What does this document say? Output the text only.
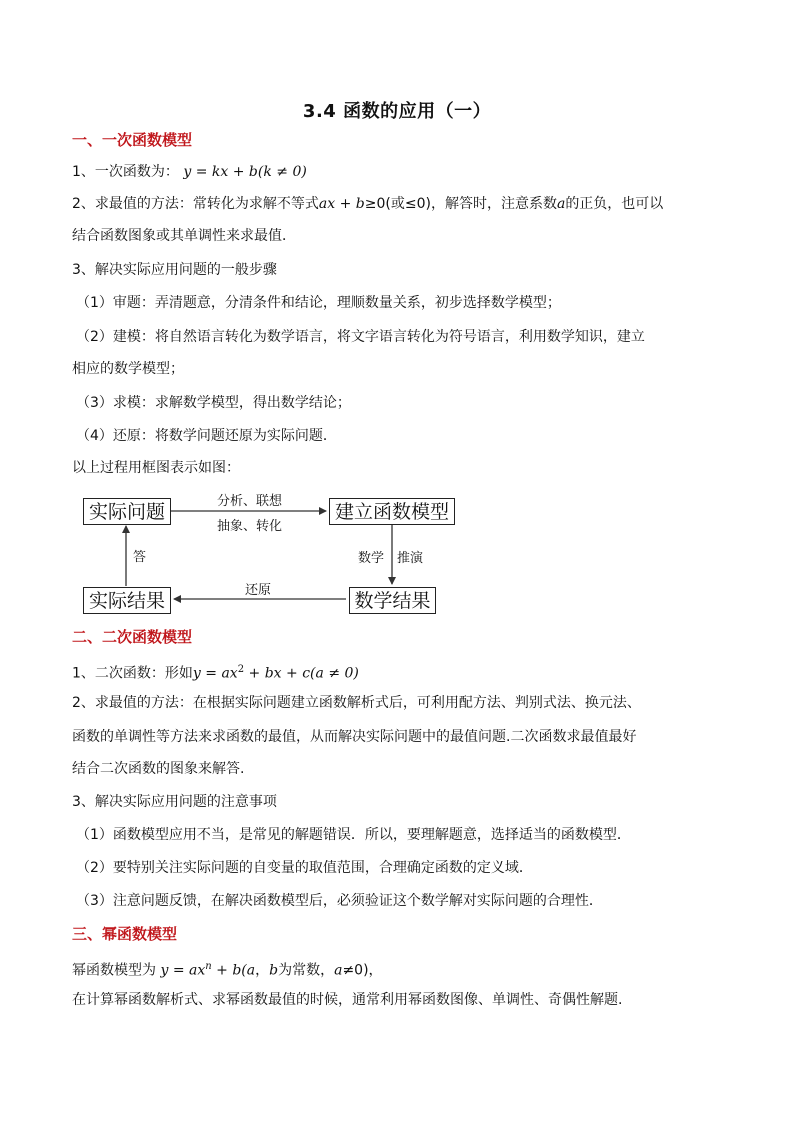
3.4 函数的应用（一）
一、一次函数模型
1、一次函数为： y = kx + b(k ≠ 0)
2、求最值的方法：常转化为求解不等式ax + b≥0(或≤0)，解答时，注意系数a的正负，也可以
结合函数图象或其单调性来求最值．
3、解决实际应用问题的一般步骤
（1）审题：弄清题意，分清条件和结论，理顺数量关系，初步选择数学模型；
（2）建模：将自然语言转化为数学语言，将文字语言转化为符号语言，利用数学知识，建立
相应的数学模型；
（3）求模：求解数学模型，得出数学结论；
（4）还原：将数学问题还原为实际问题．
以上过程用框图表示如图：
实际问题	建立函数模型
实际结果	数学结果
分析、联想
抽象、转化
数学 推演
还原
答
二、二次函数模型
1、二次函数：形如$y = ax^2$ + bx + c(a ≠ 0)
2、求最值的方法：在根据实际问题建立函数解析式后，可利用配方法、判别式法、换元法、
函数的单调性等方法来求函数的最值，从而解决实际问题中的最值问题.二次函数求最值最好
结合二次函数的图象来解答.
3、解决实际应用问题的注意事项
（1）函数模型应用不当，是常见的解题错误．所以，要理解题意，选择适当的函数模型．
（2）要特别关注实际问题的自变量的取值范围，合理确定函数的定义域．
（3）注意问题反馈，在解决函数模型后，必须验证这个数学解对实际问题的合理性．
三、幂函数模型
幂函数模型为 $y = ax^n + b(a$，b为常数，a≠0)，
在计算幂函数解析式、求幂函数最值的时候，通常利用幂函数图像、单调性、奇偶性解题.
